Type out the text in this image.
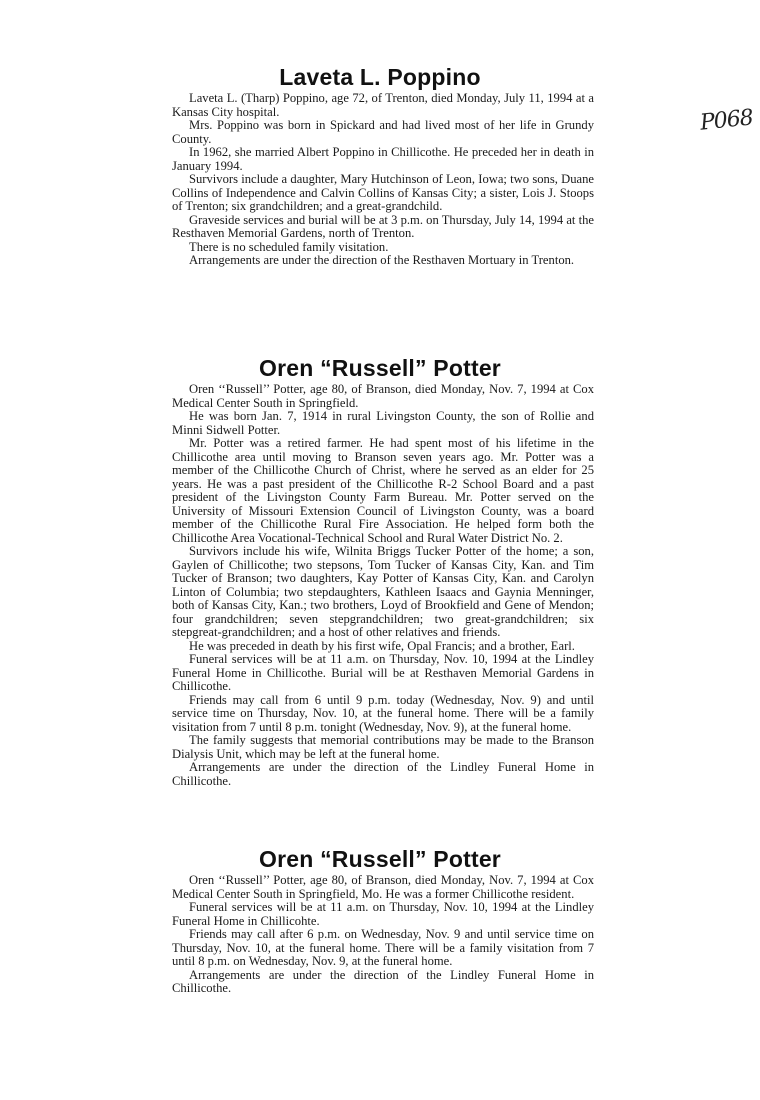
P068
Laveta L. Poppino

Laveta L. (Tharp) Poppino, age 72, of Trenton, died Monday, July 11, 1994 at a Kansas City hospital.

Mrs. Poppino was born in Spickard and had lived most of her life in Grundy County.

In 1962, she married Albert Poppino in Chillicothe. He preceded her in death in January 1994.

Survivors include a daughter, Mary Hutchinson of Leon, Iowa; two sons, Duane Collins of Independence and Calvin Collins of Kansas City; a sister, Lois J. Stoops of Trenton; six grandchildren; and a great-grandchild.

Graveside services and burial will be at 3 p.m. on Thursday, July 14, 1994 at the Resthaven Memorial Gardens, north of Trenton.

There is no scheduled family visitation.

Arrangements are under the direction of the Resthaven Mortuary in Trenton.

Oren “Russell” Potter

Oren ‘‘Russell’’ Potter, age 80, of Branson, died Monday, Nov. 7, 1994 at Cox Medical Center South in Springfield.

He was born Jan. 7, 1914 in rural Livingston County, the son of Rollie and Minni Sidwell Potter.

Mr. Potter was a retired farmer. He had spent most of his lifetime in the Chillicothe area until moving to Branson seven years ago. Mr. Potter was a member of the Chillicothe Church of Christ, where he served as an elder for 25 years. He was a past president of the Chillicothe R-2 School Board and a past president of the Livingston County Farm Bureau. Mr. Potter served on the University of Missouri Extension Council of Livingston County, was a board member of the Chillicothe Rural Fire Association. He helped form both the Chillicothe Area Vocational-Technical School and Rural Water District No. 2.

Survivors include his wife, Wilnita Briggs Tucker Potter of the home; a son, Gaylen of Chillicothe; two stepsons, Tom Tucker of Kansas City, Kan. and Tim Tucker of Branson; two daughters, Kay Potter of Kansas City, Kan. and Carolyn Linton of Columbia; two stepdaughters, Kathleen Isaacs and Gaynia Menninger, both of Kansas City, Kan.; two brothers, Loyd of Brookfield and Gene of Mendon; four grandchildren; seven stepgrandchildren; two great-grandchildren; six stepgreat-grandchildren; and a host of other relatives and friends.

He was preceded in death by his first wife, Opal Francis; and a brother, Earl.

Funeral services will be at 11 a.m. on Thursday, Nov. 10, 1994 at the Lindley Funeral Home in Chillicothe. Burial will be at Resthaven Memorial Gardens in Chillicothe.

Friends may call from 6 until 9 p.m. today (Wednesday, Nov. 9) and until service time on Thursday, Nov. 10, at the funeral home. There will be a family visitation from 7 until 8 p.m. tonight (Wednesday, Nov. 9), at the funeral home.

The family suggests that memorial contributions may be made to the Branson Dialysis Unit, which may be left at the funeral home.

Arrangements are under the direction of the Lindley Funeral Home in Chillicothe.

Oren “Russell” Potter

Oren ‘‘Russell’’ Potter, age 80, of Branson, died Monday, Nov. 7, 1994 at Cox Medical Center South in Springfield, Mo. He was a former Chillicothe resident.

Funeral services will be at 11 a.m. on Thursday, Nov. 10, 1994 at the Lindley Funeral Home in Chillicohte.

Friends may call after 6 p.m. on Wednesday, Nov. 9 and until service time on Thursday, Nov. 10, at the funeral home. There will be a family visitation from 7 until 8 p.m. on Wednesday, Nov. 9, at the funeral home.

Arrangements are under the direction of the Lindley Funeral Home in Chillicothe.
